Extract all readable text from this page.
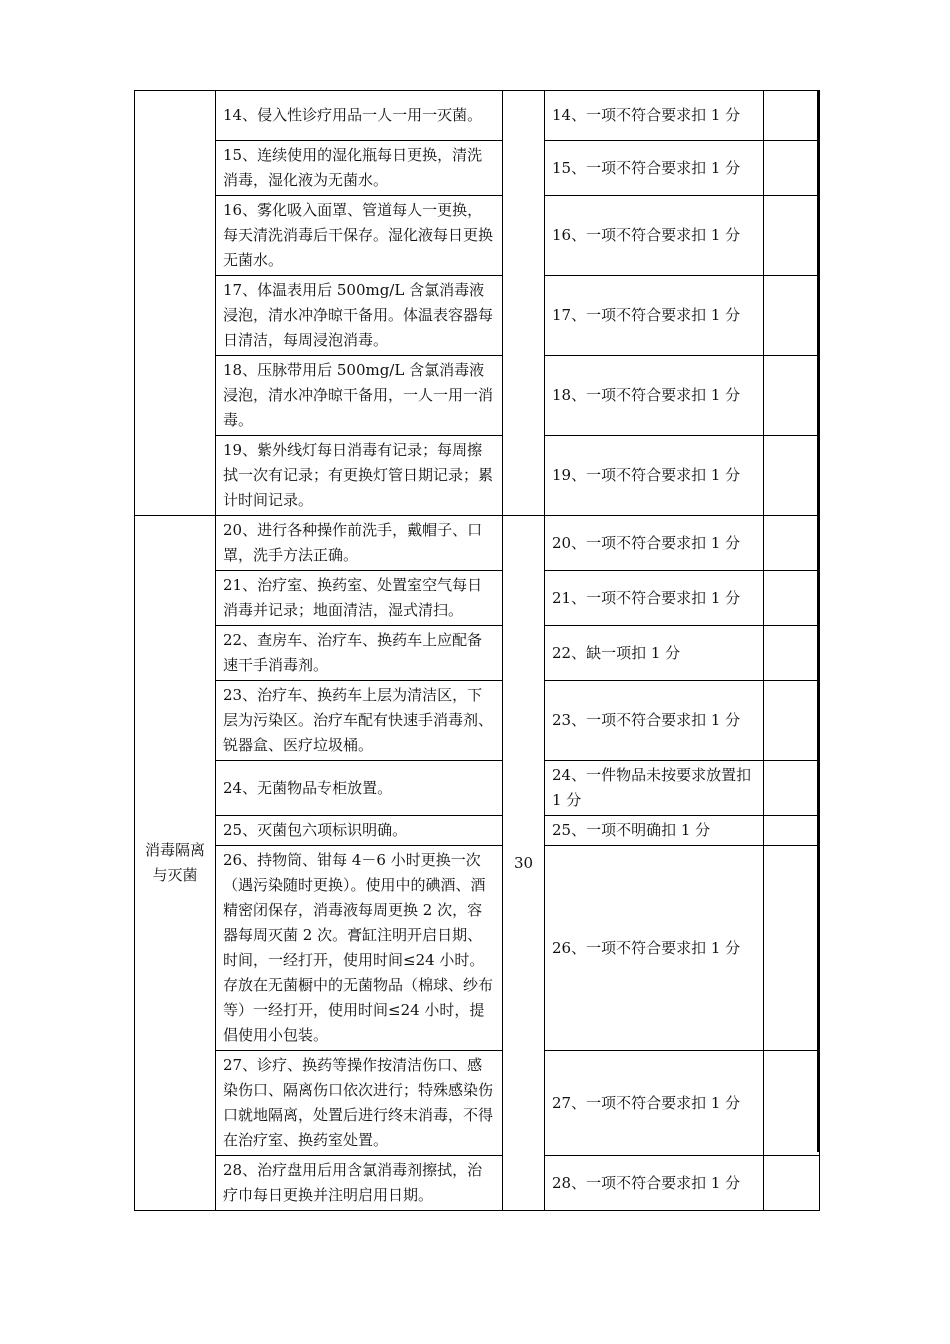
	14、侵入性诊疗用品一人一用一灭菌。		14、一项不符合要求扣 1 分	
	15、连续使用的湿化瓶每日更换，清洗消毒，湿化液为无菌水。		15、一项不符合要求扣 1 分	
	16、雾化吸入面罩、管道每人一更换，每天清洗消毒后干保存。湿化液每日更换无菌水。		16、一项不符合要求扣 1 分	
	17、体温表用后 500mg/L 含氯消毒液浸泡，清水冲净晾干备用。体温表容器每日清洁，每周浸泡消毒。		17、一项不符合要求扣 1 分	
	18、压脉带用后 500mg/L 含氯消毒液浸泡，清水冲净晾干备用，一人一用一消毒。		18、一项不符合要求扣 1 分	
	19、紫外线灯每日消毒有记录；每周擦拭一次有记录；有更换灯管日期记录；累计时间记录。		19、一项不符合要求扣 1 分	
消毒隔离与灭菌	20、进行各种操作前洗手，戴帽子、口罩，洗手方法正确。	30	20、一项不符合要求扣 1 分	
	21、治疗室、换药室、处置室空气每日消毒并记录；地面清洁，湿式清扫。		21、一项不符合要求扣 1 分	
	22、查房车、治疗车、换药车上应配备速干手消毒剂。		22、缺一项扣 1 分	
	23、治疗车、换药车上层为清洁区，下层为污染区。治疗车配有快速手消毒剂、锐器盒、医疗垃圾桶。		23、一项不符合要求扣 1 分	
	24、无菌物品专柜放置。		24、一件物品未按要求放置扣 1 分	
	25、灭菌包六项标识明确。		25、一项不明确扣 1 分	
	26、持物筒、钳每 4－6 小时更换一次（遇污染随时更换）。使用中的碘酒、酒精密闭保存，消毒液每周更换 2 次，容器每周灭菌 2 次。膏缸注明开启日期、时间，一经打开，使用时间≤24 小时。存放在无菌橱中的无菌物品（棉球、纱布等）一经打开，使用时间≤24 小时，提倡使用小包装。		26、一项不符合要求扣 1 分	
	27、诊疗、换药等操作按清洁伤口、感染伤口、隔离伤口依次进行；特殊感染伤口就地隔离，处置后进行终末消毒，不得在治疗室、换药室处置。		27、一项不符合要求扣 1 分	
	28、治疗盘用后用含氯消毒剂擦拭，治疗巾每日更换并注明启用日期。		28、一项不符合要求扣 1 分	
